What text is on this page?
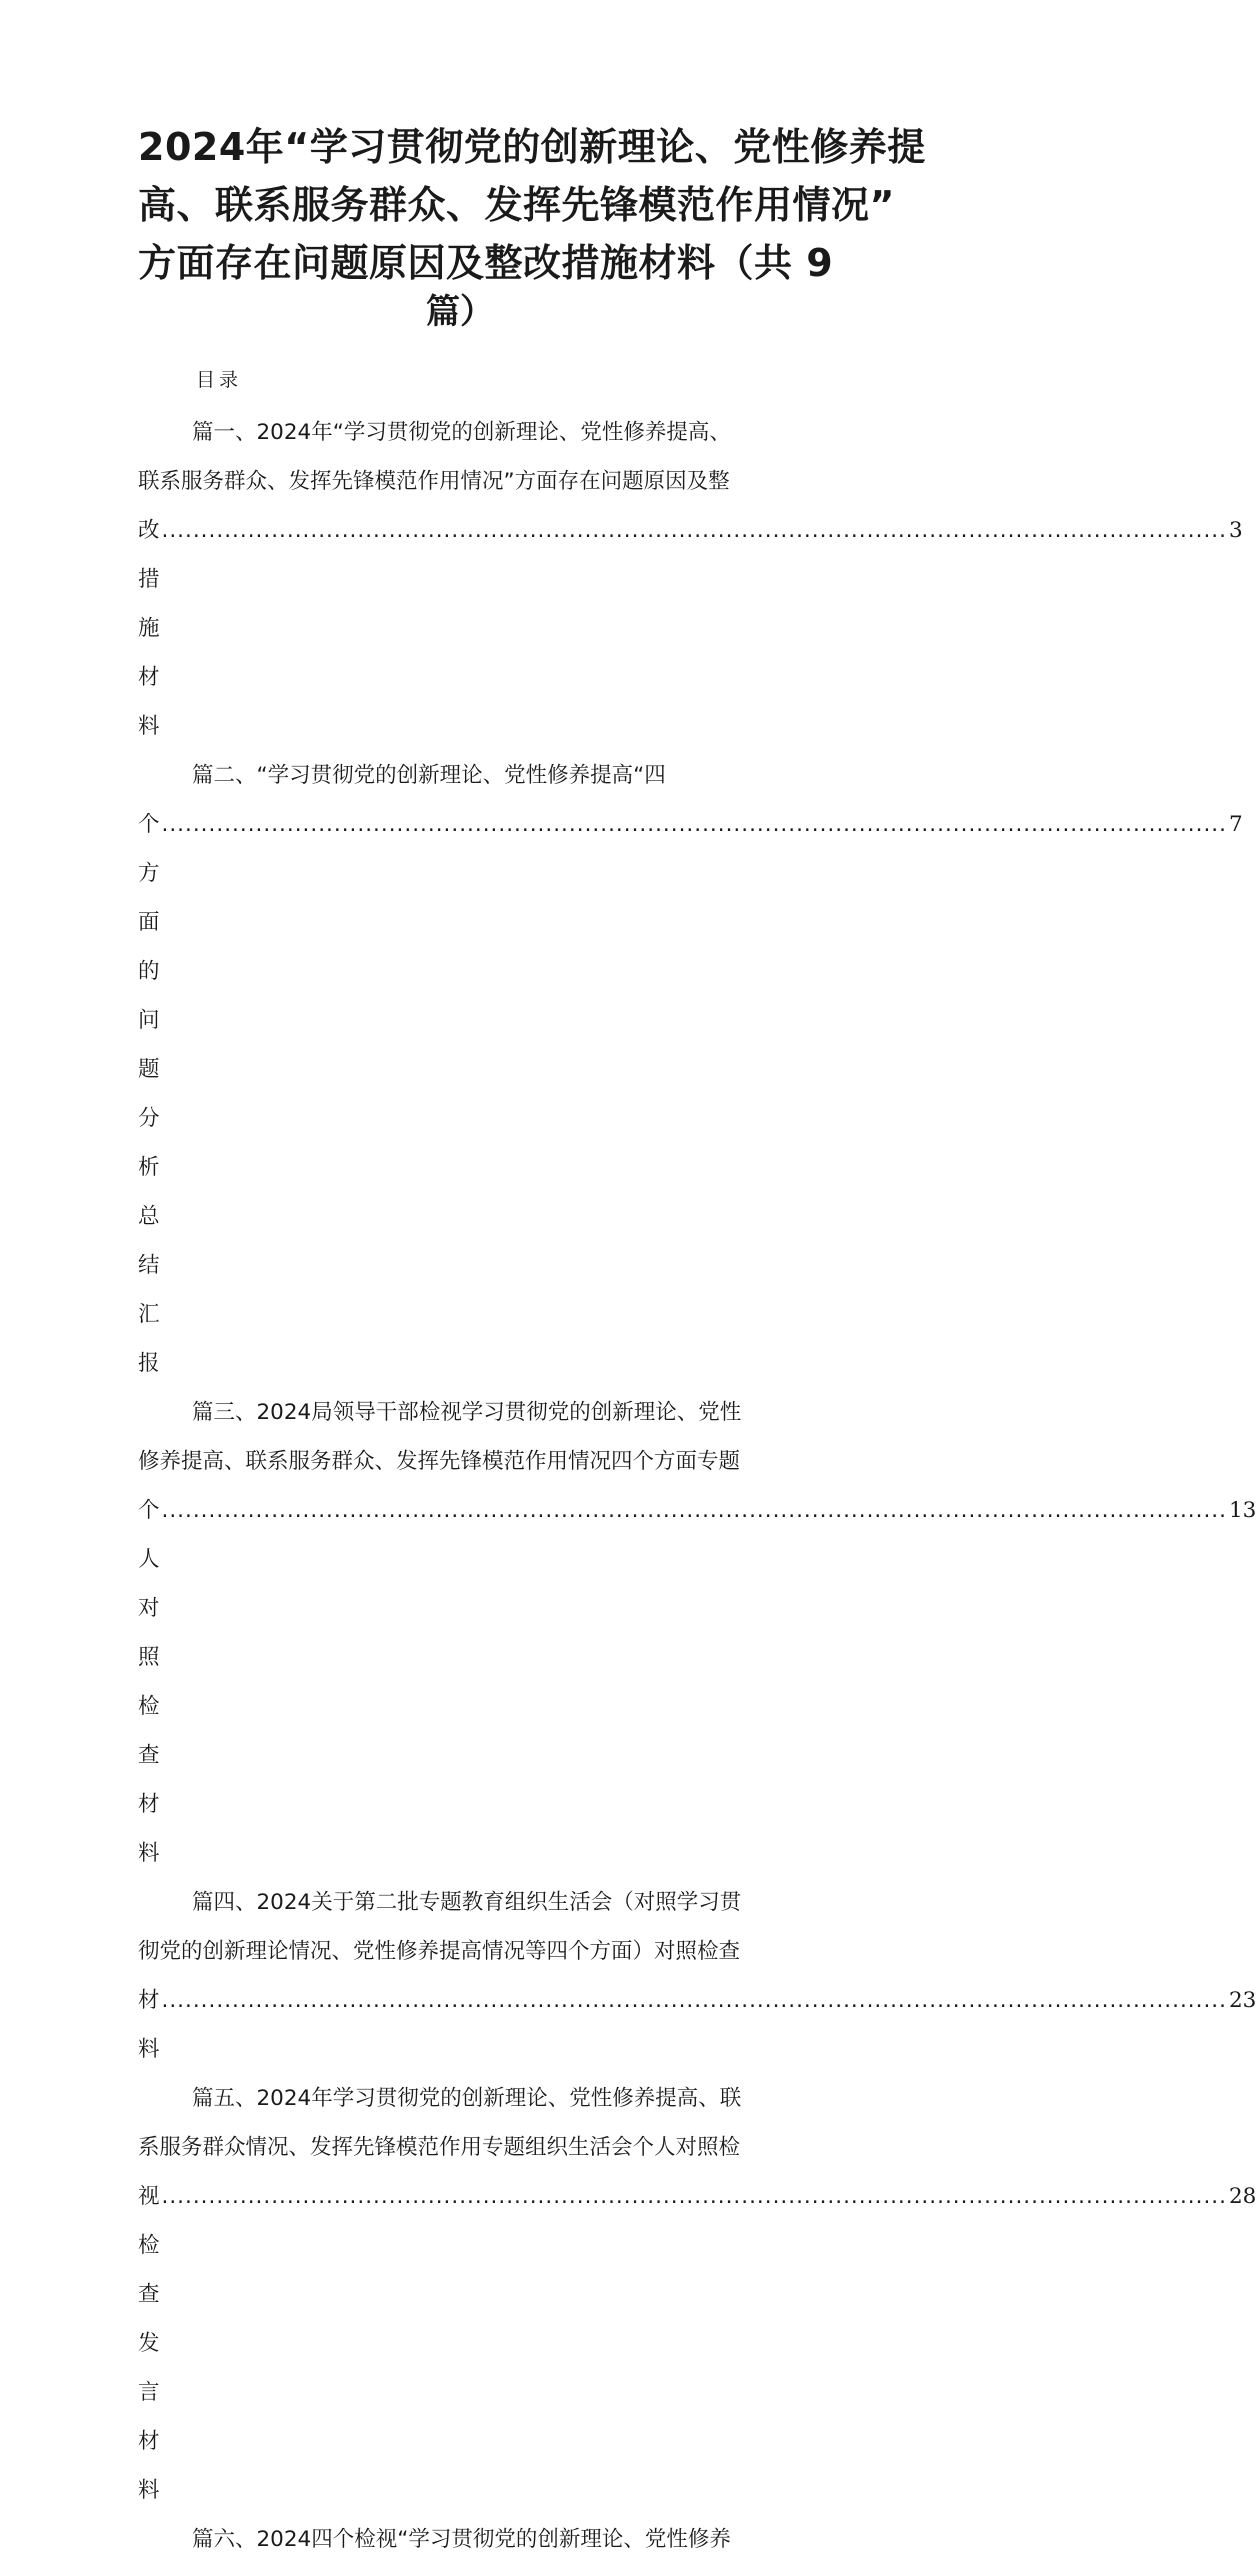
2024年“学习贯彻党的创新理论、党性修养提
高、联系服务群众、发挥先锋模范作用情况”
方面存在问题原因及整改措施材料（共 9
篇）
目录
篇一、2024年“学习贯彻党的创新理论、党性修养提高、
联系服务群众、发挥先锋模范作用情况”方面存在问题原因及整
改措施材料
........................................................................................................................................ 3
篇二、“学习贯彻党的创新理论、党性修养提高“四
个方面的问题分析总结汇报
........................................................................................................................................ 7
篇三、2024局领导干部检视学习贯彻党的创新理论、党性
修养提高、联系服务群众、发挥先锋模范作用情况四个方面专题
个人对照检查材料
........................................................................................................................................ 13
篇四、2024关于第二批专题教育组织生活会（对照学习贯
彻党的创新理论情况、党性修养提高情况等四个方面）对照检查
材料
........................................................................................................................................ 23
篇五、2024年学习贯彻党的创新理论、党性修养提高、联
系服务群众情况、发挥先锋模范作用专题组织生活会个人对照检
视检查发言材料
........................................................................................................................................ 28
篇六、2024四个检视“学习贯彻党的创新理论、党性修养
